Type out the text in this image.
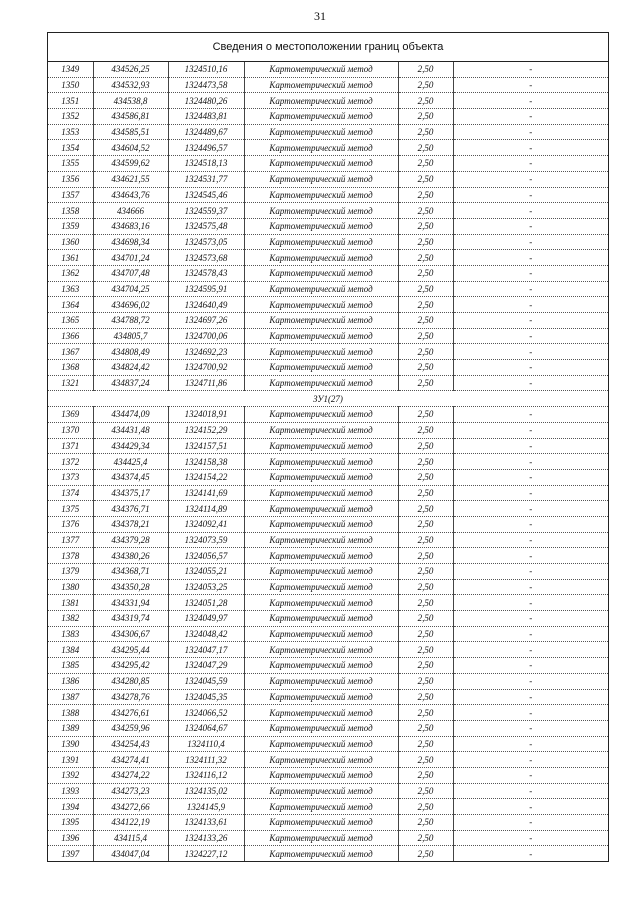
31
Сведения о местоположении границ объекта
1349	434526,25	1324510,16	Картометрический метод	2,50	-
1350	434532,93	1324473,58	Картометрический метод	2,50	-
1351	434538,8	1324480,26	Картометрический метод	2,50	-
1352	434586,81	1324483,81	Картометрический метод	2,50	-
1353	434585,51	1324489,67	Картометрический метод	2,50	-
1354	434604,52	1324496,57	Картометрический метод	2,50	-
1355	434599,62	1324518,13	Картометрический метод	2,50	-
1356	434621,55	1324531,77	Картометрический метод	2,50	-
1357	434643,76	1324545,46	Картометрический метод	2,50	-
1358	434666	1324559,37	Картометрический метод	2,50	-
1359	434683,16	1324575,48	Картометрический метод	2,50	-
1360	434698,34	1324573,05	Картометрический метод	2,50	-
1361	434701,24	1324573,68	Картометрический метод	2,50	-
1362	434707,48	1324578,43	Картометрический метод	2,50	-
1363	434704,25	1324595,91	Картометрический метод	2,50	-
1364	434696,02	1324640,49	Картометрический метод	2,50	-
1365	434788,72	1324697,26	Картометрический метод	2,50	-
1366	434805,7	1324700,06	Картометрический метод	2,50	-
1367	434808,49	1324692,23	Картометрический метод	2,50	-
1368	434824,42	1324700,92	Картометрический метод	2,50	-
1321	434837,24	1324711,86	Картометрический метод	2,50	-
ЗУ1(27)					
1369	434474,09	1324018,91	Картометрический метод	2,50	-
1370	434431,48	1324152,29	Картометрический метод	2,50	-
1371	434429,34	1324157,51	Картометрический метод	2,50	-
1372	434425,4	1324158,38	Картометрический метод	2,50	-
1373	434374,45	1324154,22	Картометрический метод	2,50	-
1374	434375,17	1324141,69	Картометрический метод	2,50	-
1375	434376,71	1324114,89	Картометрический метод	2,50	-
1376	434378,21	1324092,41	Картометрический метод	2,50	-
1377	434379,28	1324073,59	Картометрический метод	2,50	-
1378	434380,26	1324056,57	Картометрический метод	2,50	-
1379	434368,71	1324055,21	Картометрический метод	2,50	-
1380	434350,28	1324053,25	Картометрический метод	2,50	-
1381	434331,94	1324051,28	Картометрический метод	2,50	-
1382	434319,74	1324049,97	Картометрический метод	2,50	-
1383	434306,67	1324048,42	Картометрический метод	2,50	-
1384	434295,44	1324047,17	Картометрический метод	2,50	-
1385	434295,42	1324047,29	Картометрический метод	2,50	-
1386	434280,85	1324045,59	Картометрический метод	2,50	-
1387	434278,76	1324045,35	Картометрический метод	2,50	-
1388	434276,61	1324066,52	Картометрический метод	2,50	-
1389	434259,96	1324064,67	Картометрический метод	2,50	-
1390	434254,43	1324110,4	Картометрический метод	2,50	-
1391	434274,41	1324111,32	Картометрический метод	2,50	-
1392	434274,22	1324116,12	Картометрический метод	2,50	-
1393	434273,23	1324135,02	Картометрический метод	2,50	-
1394	434272,66	1324145,9	Картометрический метод	2,50	-
1395	434122,19	1324133,61	Картометрический метод	2,50	-
1396	434115,4	1324133,26	Картометрический метод	2,50	-
1397	434047,04	1324227,12	Картометрический метод	2,50	-
